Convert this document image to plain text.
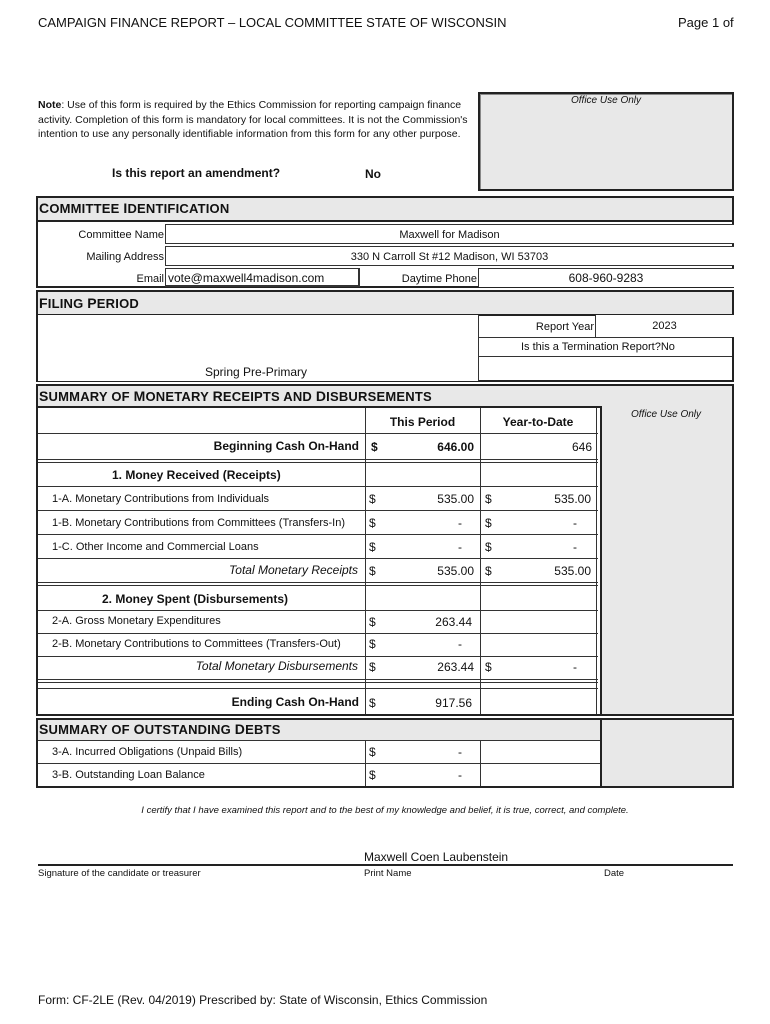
CAMPAIGN FINANCE REPORT – LOCAL COMMITTEE STATE OF WISCONSIN	Page 1 of
Note: Use of this form is required by the Ethics Commission for reporting campaign finance activity. Completion of this form is mandatory for local committees. It is not the Commission's intention to use any personally identifiable information from this form for any other purpose.
Office Use Only
Is this report an amendment?	No
COMMITTEE IDENTIFICATION
Committee Name	Maxwell for Madison
Mailing Address	330 N Carroll St #12 Madison, WI 53703
Email vote@maxwell4madison.com	Daytime Phone	608-960-9283
FILING PERIOD
Spring Pre-Primary
Report Year	2023
Is this a Termination Report?No
SUMMARY OF MONETARY RECEIPTS AND DISBURSEMENTS
Office Use Only
This Period	Year-to-Date
Beginning Cash On-Hand $	646.00	646
1. Money Received (Receipts)
1-A. Monetary Contributions from Individuals	$	535.00 $	535.00
1-B. Monetary Contributions from Committees (Transfers-In) $	- $	-
1-C. Other Income and Commercial Loans	$	- $	-
Total Monetary Receipts $	535.00 $	535.00
2. Money Spent (Disbursements)
2-A. Gross Monetary Expenditures	$	263.44
2-B. Monetary Contributions to Committees (Transfers-Out) $	-
Total Monetary Disbursements $	263.44 $	-
Ending Cash On-Hand $	917.56
SUMMARY OF OUTSTANDING DEBTS
3-A. Incurred Obligations (Unpaid Bills)	$	-
3-B. Outstanding Loan Balance	$	-
I certify that I have examined this report and to the best of my knowledge and belief, it is true, correct, and complete.
Maxwell Coen Laubenstein
Signature of the candidate or treasurer	Print Name	Date
Form: CF-2LE (Rev. 04/2019) Prescribed by: State of Wisconsin, Ethics Commission
